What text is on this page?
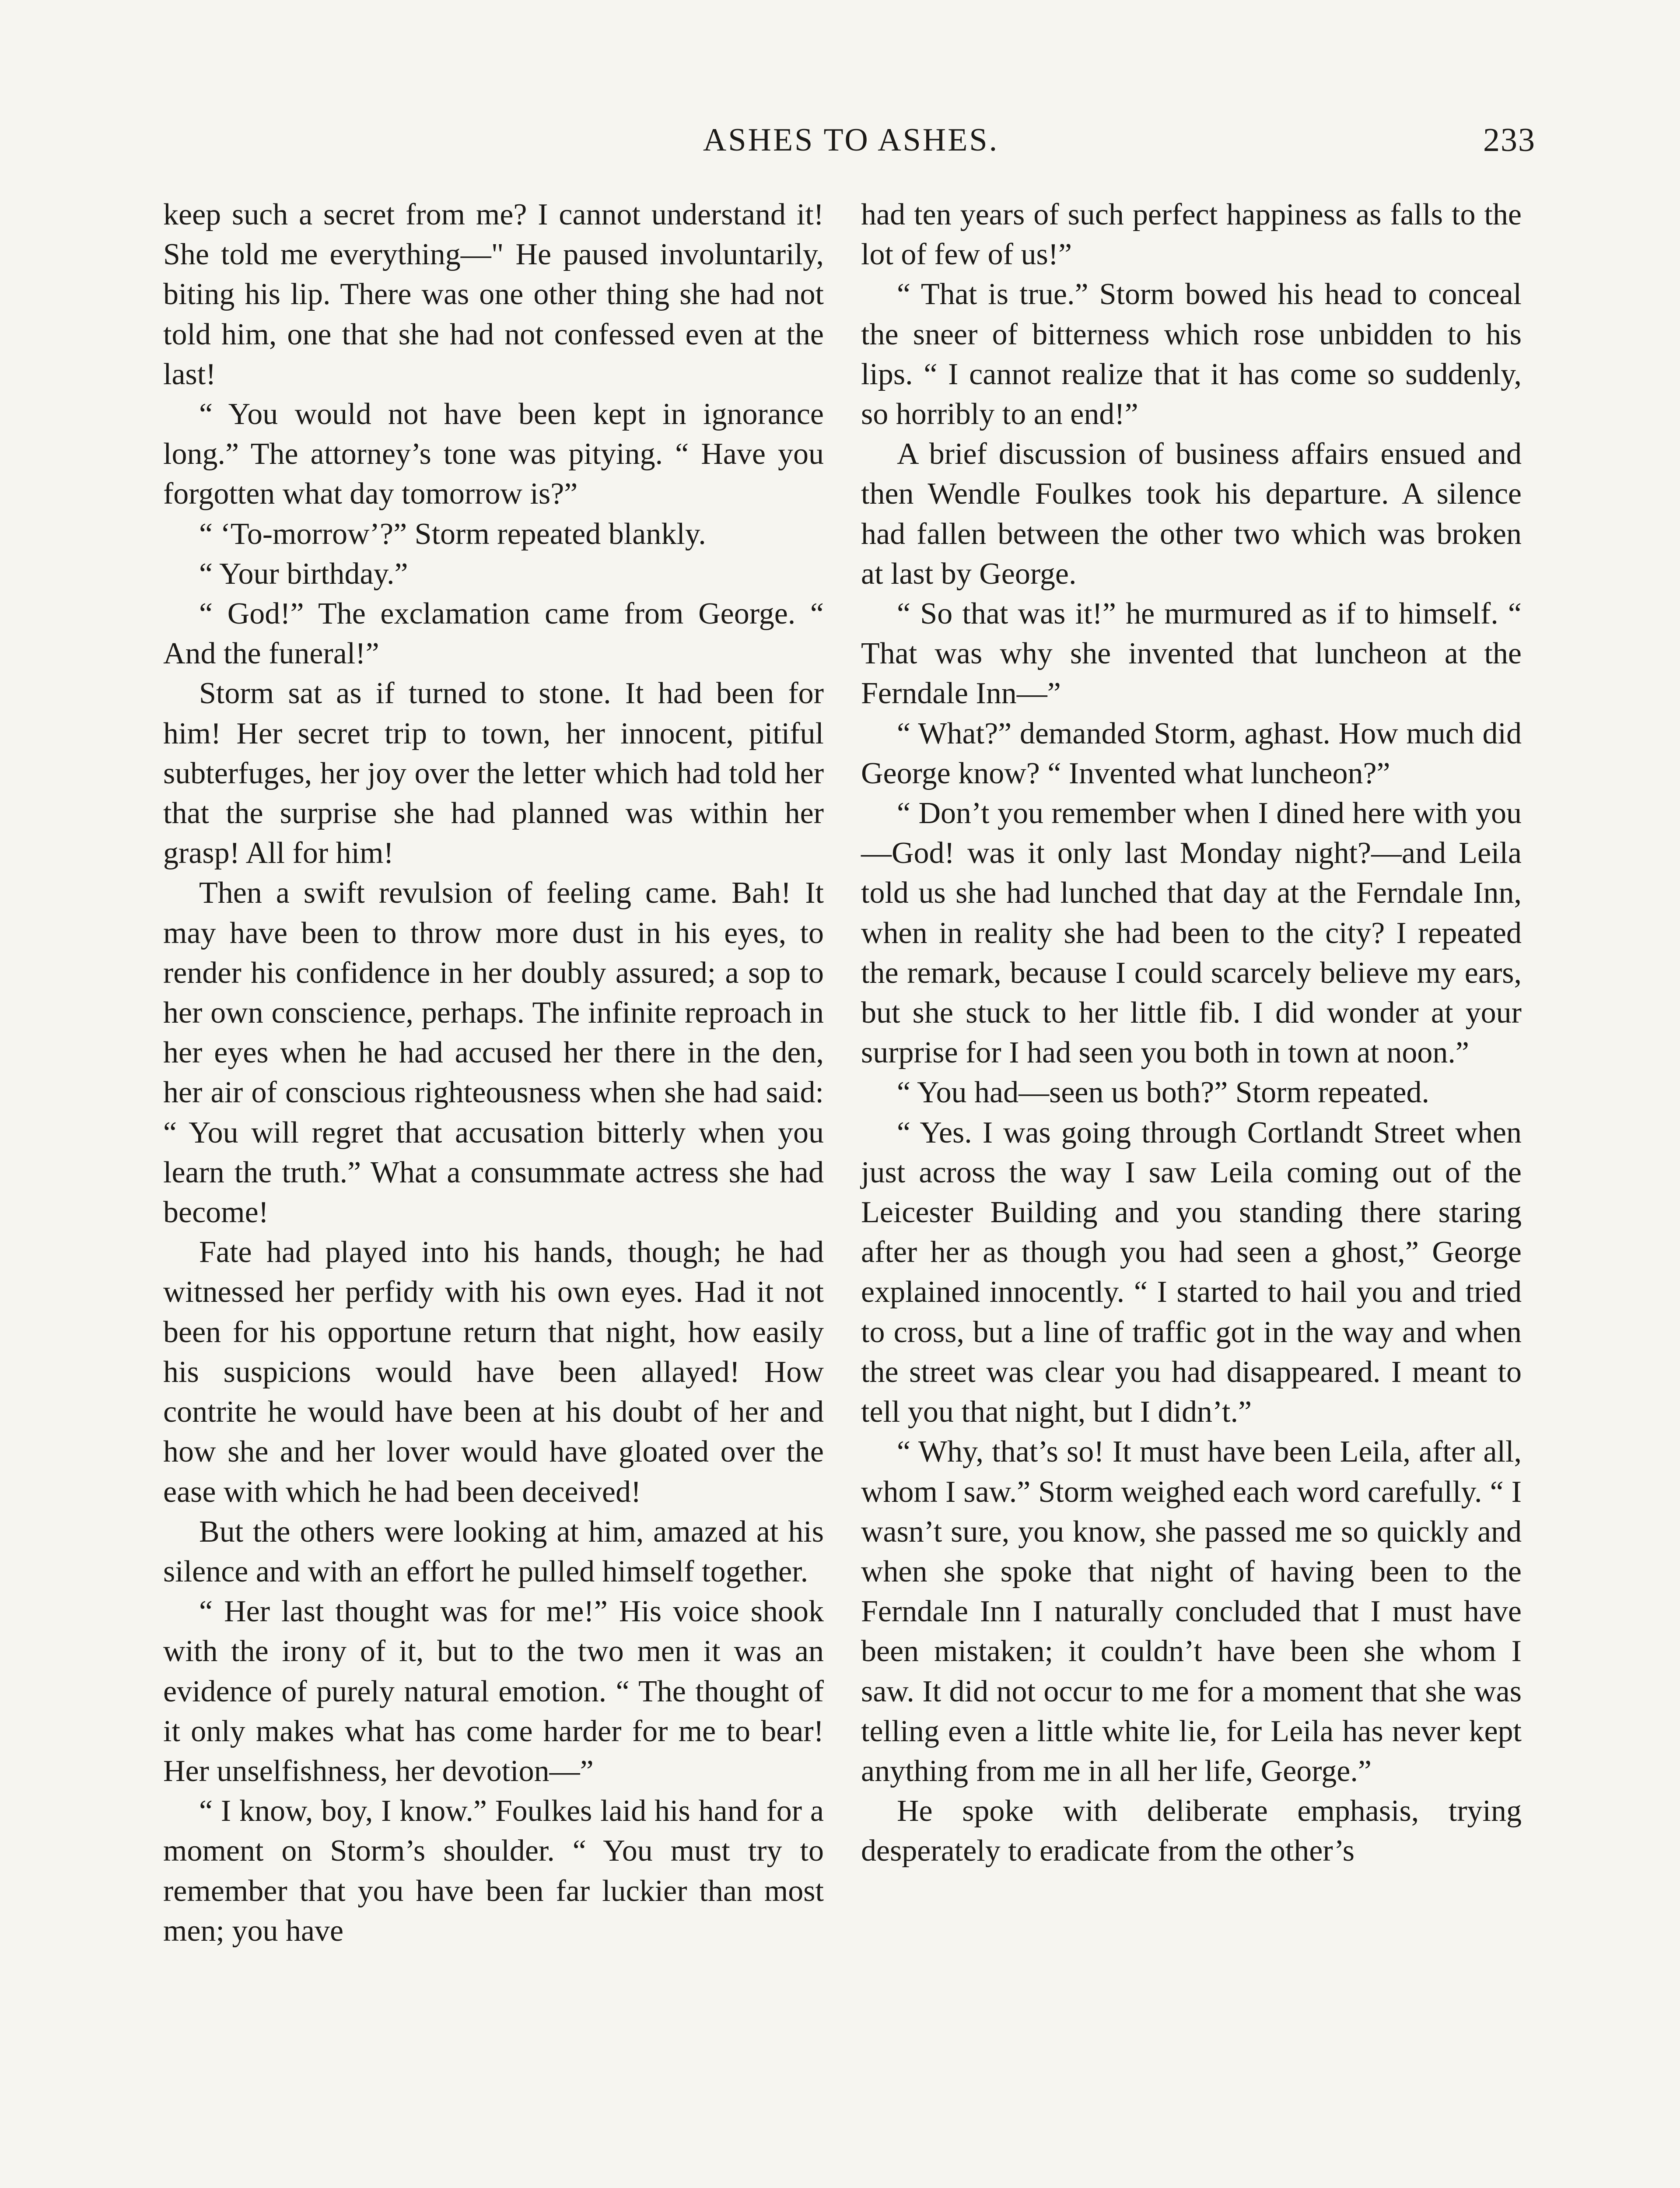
ASHES TO ASHES.	233

keep such a secret from me? I cannot understand it! She told me everything—" He paused involuntarily, biting his lip. There was one other thing she had not told him, one that she had not confessed even at the last!

“ You would not have been kept in ignorance long.” The attorney’s tone was pitying. “ Have you forgotten what day tomorrow is?”

“ ‘To-morrow’?” Storm repeated blankly.

“ Your birthday.”

“ God!” The exclamation came from George. “ And the funeral!”

Storm sat as if turned to stone. It had been for him! Her secret trip to town, her innocent, pitiful subterfuges, her joy over the letter which had told her that the surprise she had planned was within her grasp! All for him!

Then a swift revulsion of feeling came. Bah! It may have been to throw more dust in his eyes, to render his confidence in her doubly assured; a sop to her own conscience, perhaps. The infinite reproach in her eyes when he had accused her there in the den, her air of conscious righteousness when she had said: “ You will regret that accusation bitterly when you learn the truth.” What a consummate actress she had become!

Fate had played into his hands, though; he had witnessed her perfidy with his own eyes. Had it not been for his opportune return that night, how easily his suspicions would have been allayed! How contrite he would have been at his doubt of her and how she and her lover would have gloated over the ease with which he had been deceived!

But the others were looking at him, amazed at his silence and with an effort he pulled himself together.

“ Her last thought was for me!” His voice shook with the irony of it, but to the two men it was an evidence of purely natural emotion. “ The thought of it only makes what has come harder for me to bear! Her unselfishness, her devotion—”

“ I know, boy, I know.” Foulkes laid his hand for a moment on Storm’s shoulder. “ You must try to remember that you have been far luckier than most men; you have

had ten years of such perfect happiness as falls to the lot of few of us!”

“ That is true.” Storm bowed his head to conceal the sneer of bitterness which rose unbidden to his lips. “ I cannot realize that it has come so suddenly, so horribly to an end!”

A brief discussion of business affairs ensued and then Wendle Foulkes took his departure. A silence had fallen between the other two which was broken at last by George.

“ So that was it!” he murmured as if to himself. “ That was why she invented that luncheon at the Ferndale Inn—”

“ What?” demanded Storm, aghast. How much did George know? “ Invented what luncheon?”

“ Don’t you remember when I dined here with you—God! was it only last Monday night?—and Leila told us she had lunched that day at the Ferndale Inn, when in reality she had been to the city? I repeated the remark, because I could scarcely believe my ears, but she stuck to her little fib. I did wonder at your surprise for I had seen you both in town at noon.”

“ You had—seen us both?” Storm repeated.

“ Yes. I was going through Cortlandt Street when just across the way I saw Leila coming out of the Leicester Building and you standing there staring after her as though you had seen a ghost,” George explained innocently. “ I started to hail you and tried to cross, but a line of traffic got in the way and when the street was clear you had disappeared. I meant to tell you that night, but I didn’t.”

“ Why, that’s so! It must have been Leila, after all, whom I saw.” Storm weighed each word carefully. “ I wasn’t sure, you know, she passed me so quickly and when she spoke that night of having been to the Ferndale Inn I naturally concluded that I must have been mistaken; it couldn’t have been she whom I saw. It did not occur to me for a moment that she was telling even a little white lie, for Leila has never kept anything from me in all her life, George.”

He spoke with deliberate emphasis, trying desperately to eradicate from the other’s
